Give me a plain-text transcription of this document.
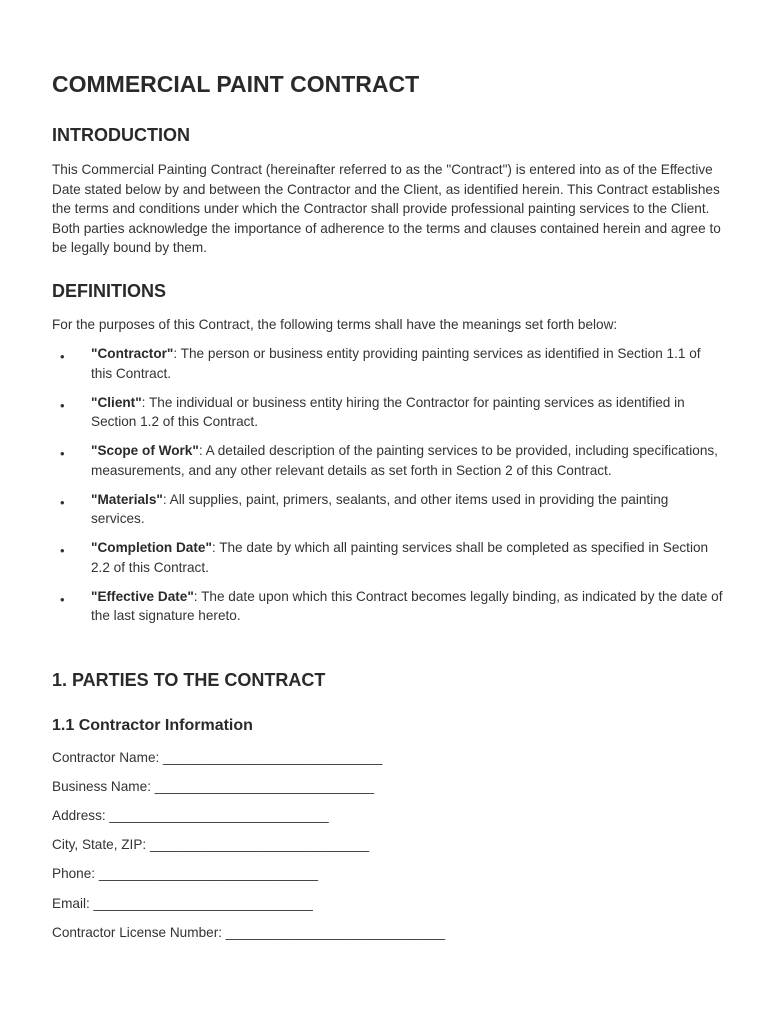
COMMERCIAL PAINT CONTRACT
INTRODUCTION

This Commercial Painting Contract (hereinafter referred to as the "Contract") is entered into as of the Effective Date stated below by and between the Contractor and the Client, as identified herein. This Contract establishes the terms and conditions under which the Contractor shall provide professional painting services to the Client. Both parties acknowledge the importance of adherence to the terms and clauses contained herein and agree to be legally bound by them.

DEFINITIONS

For the purposes of this Contract, the following terms shall have the meanings set forth below:

• "Contractor": The person or business entity providing painting services as identified in Section 1.1 of this Contract.
• "Client": The individual or business entity hiring the Contractor for painting services as identified in Section 1.2 of this Contract.
• "Scope of Work": A detailed description of the painting services to be provided, including specifications, measurements, and any other relevant details as set forth in Section 2 of this Contract.
• "Materials": All supplies, paint, primers, sealants, and other items used in providing the painting services.
• "Completion Date": The date by which all painting services shall be completed as specified in Section 2.2 of this Contract.
• "Effective Date": The date upon which this Contract becomes legally binding, as indicated by the date of the last signature hereto.
1. PARTIES TO THE CONTRACT
1.1 Contractor Information

Contractor Name: _____________________________

Business Name: _____________________________

Address: _____________________________

City, State, ZIP: _____________________________

Phone: _____________________________

Email: _____________________________

Contractor License Number: _____________________________
